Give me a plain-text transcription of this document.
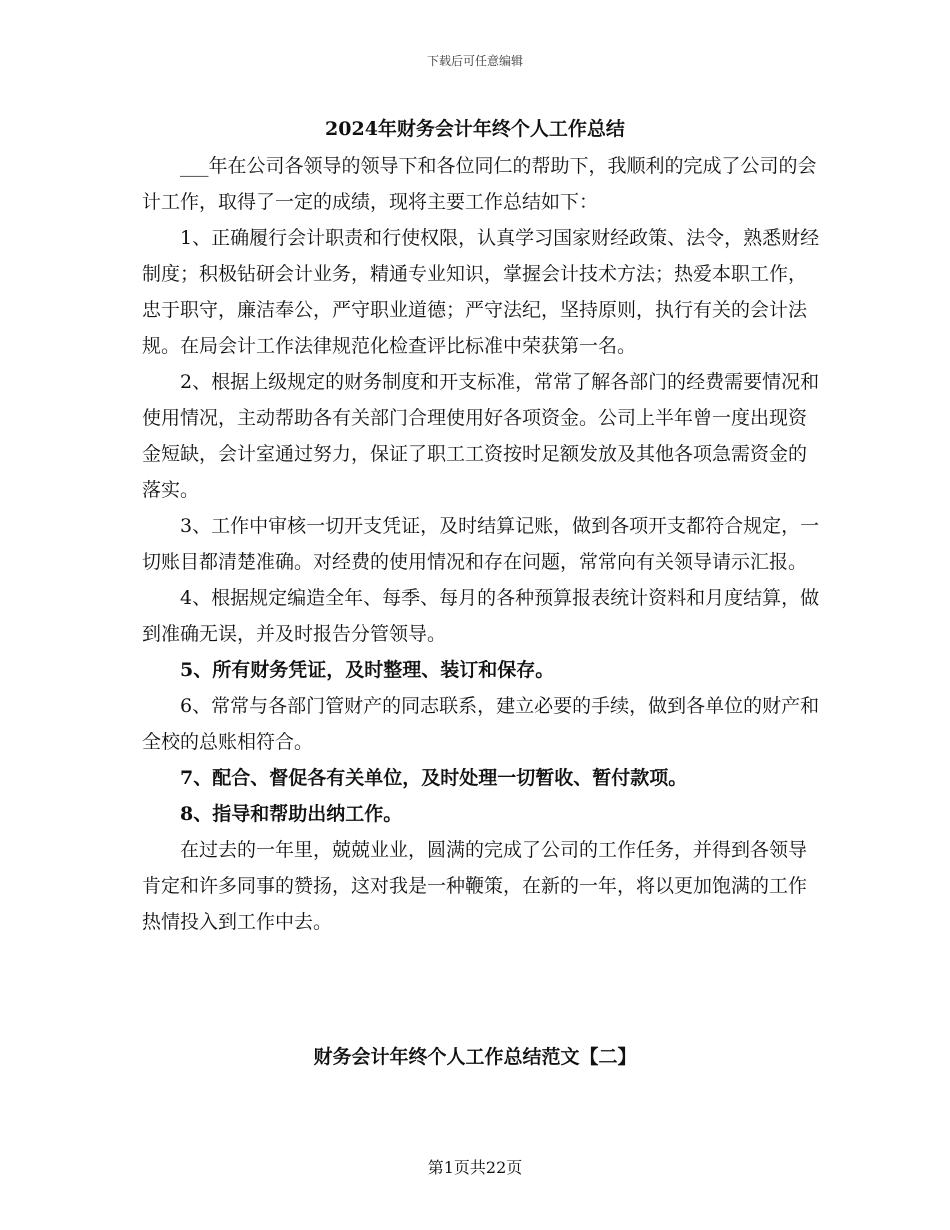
下载后可任意编辑
2024年财务会计年终个人工作总结

___年在公司各领导的领导下和各位同仁的帮助下，我顺利的完成了公司的会计工作，取得了一定的成绩，现将主要工作总结如下：

1、正确履行会计职责和行使权限，认真学习国家财经政策、法令，熟悉财经制度；积极钻研会计业务，精通专业知识，掌握会计技术方法；热爱本职工作，忠于职守，廉洁奉公，严守职业道德；严守法纪，坚持原则，执行有关的会计法规。在局会计工作法律规范化检查评比标准中荣获第一名。

2、根据上级规定的财务制度和开支标准，常常了解各部门的经费需要情况和使用情况，主动帮助各有关部门合理使用好各项资金。公司上半年曾一度出现资金短缺，会计室通过努力，保证了职工工资按时足额发放及其他各项急需资金的落实。

3、工作中审核一切开支凭证，及时结算记账，做到各项开支都符合规定，一切账目都清楚准确。对经费的使用情况和存在问题，常常向有关领导请示汇报。

4、根据规定编造全年、每季、每月的各种预算报表统计资料和月度结算，做到准确无误，并及时报告分管领导。

5、所有财务凭证，及时整理、装订和保存。

6、常常与各部门管财产的同志联系，建立必要的手续，做到各单位的财产和全校的总账相符合。

7、配合、督促各有关单位，及时处理一切暂收、暂付款项。

8、指导和帮助出纳工作。

在过去的一年里，兢兢业业，圆满的完成了公司的工作任务，并得到各领导肯定和许多同事的赞扬，这对我是一种鞭策，在新的一年，将以更加饱满的工作热情投入到工作中去。

财务会计年终个人工作总结范文【二】
第1页共22页
